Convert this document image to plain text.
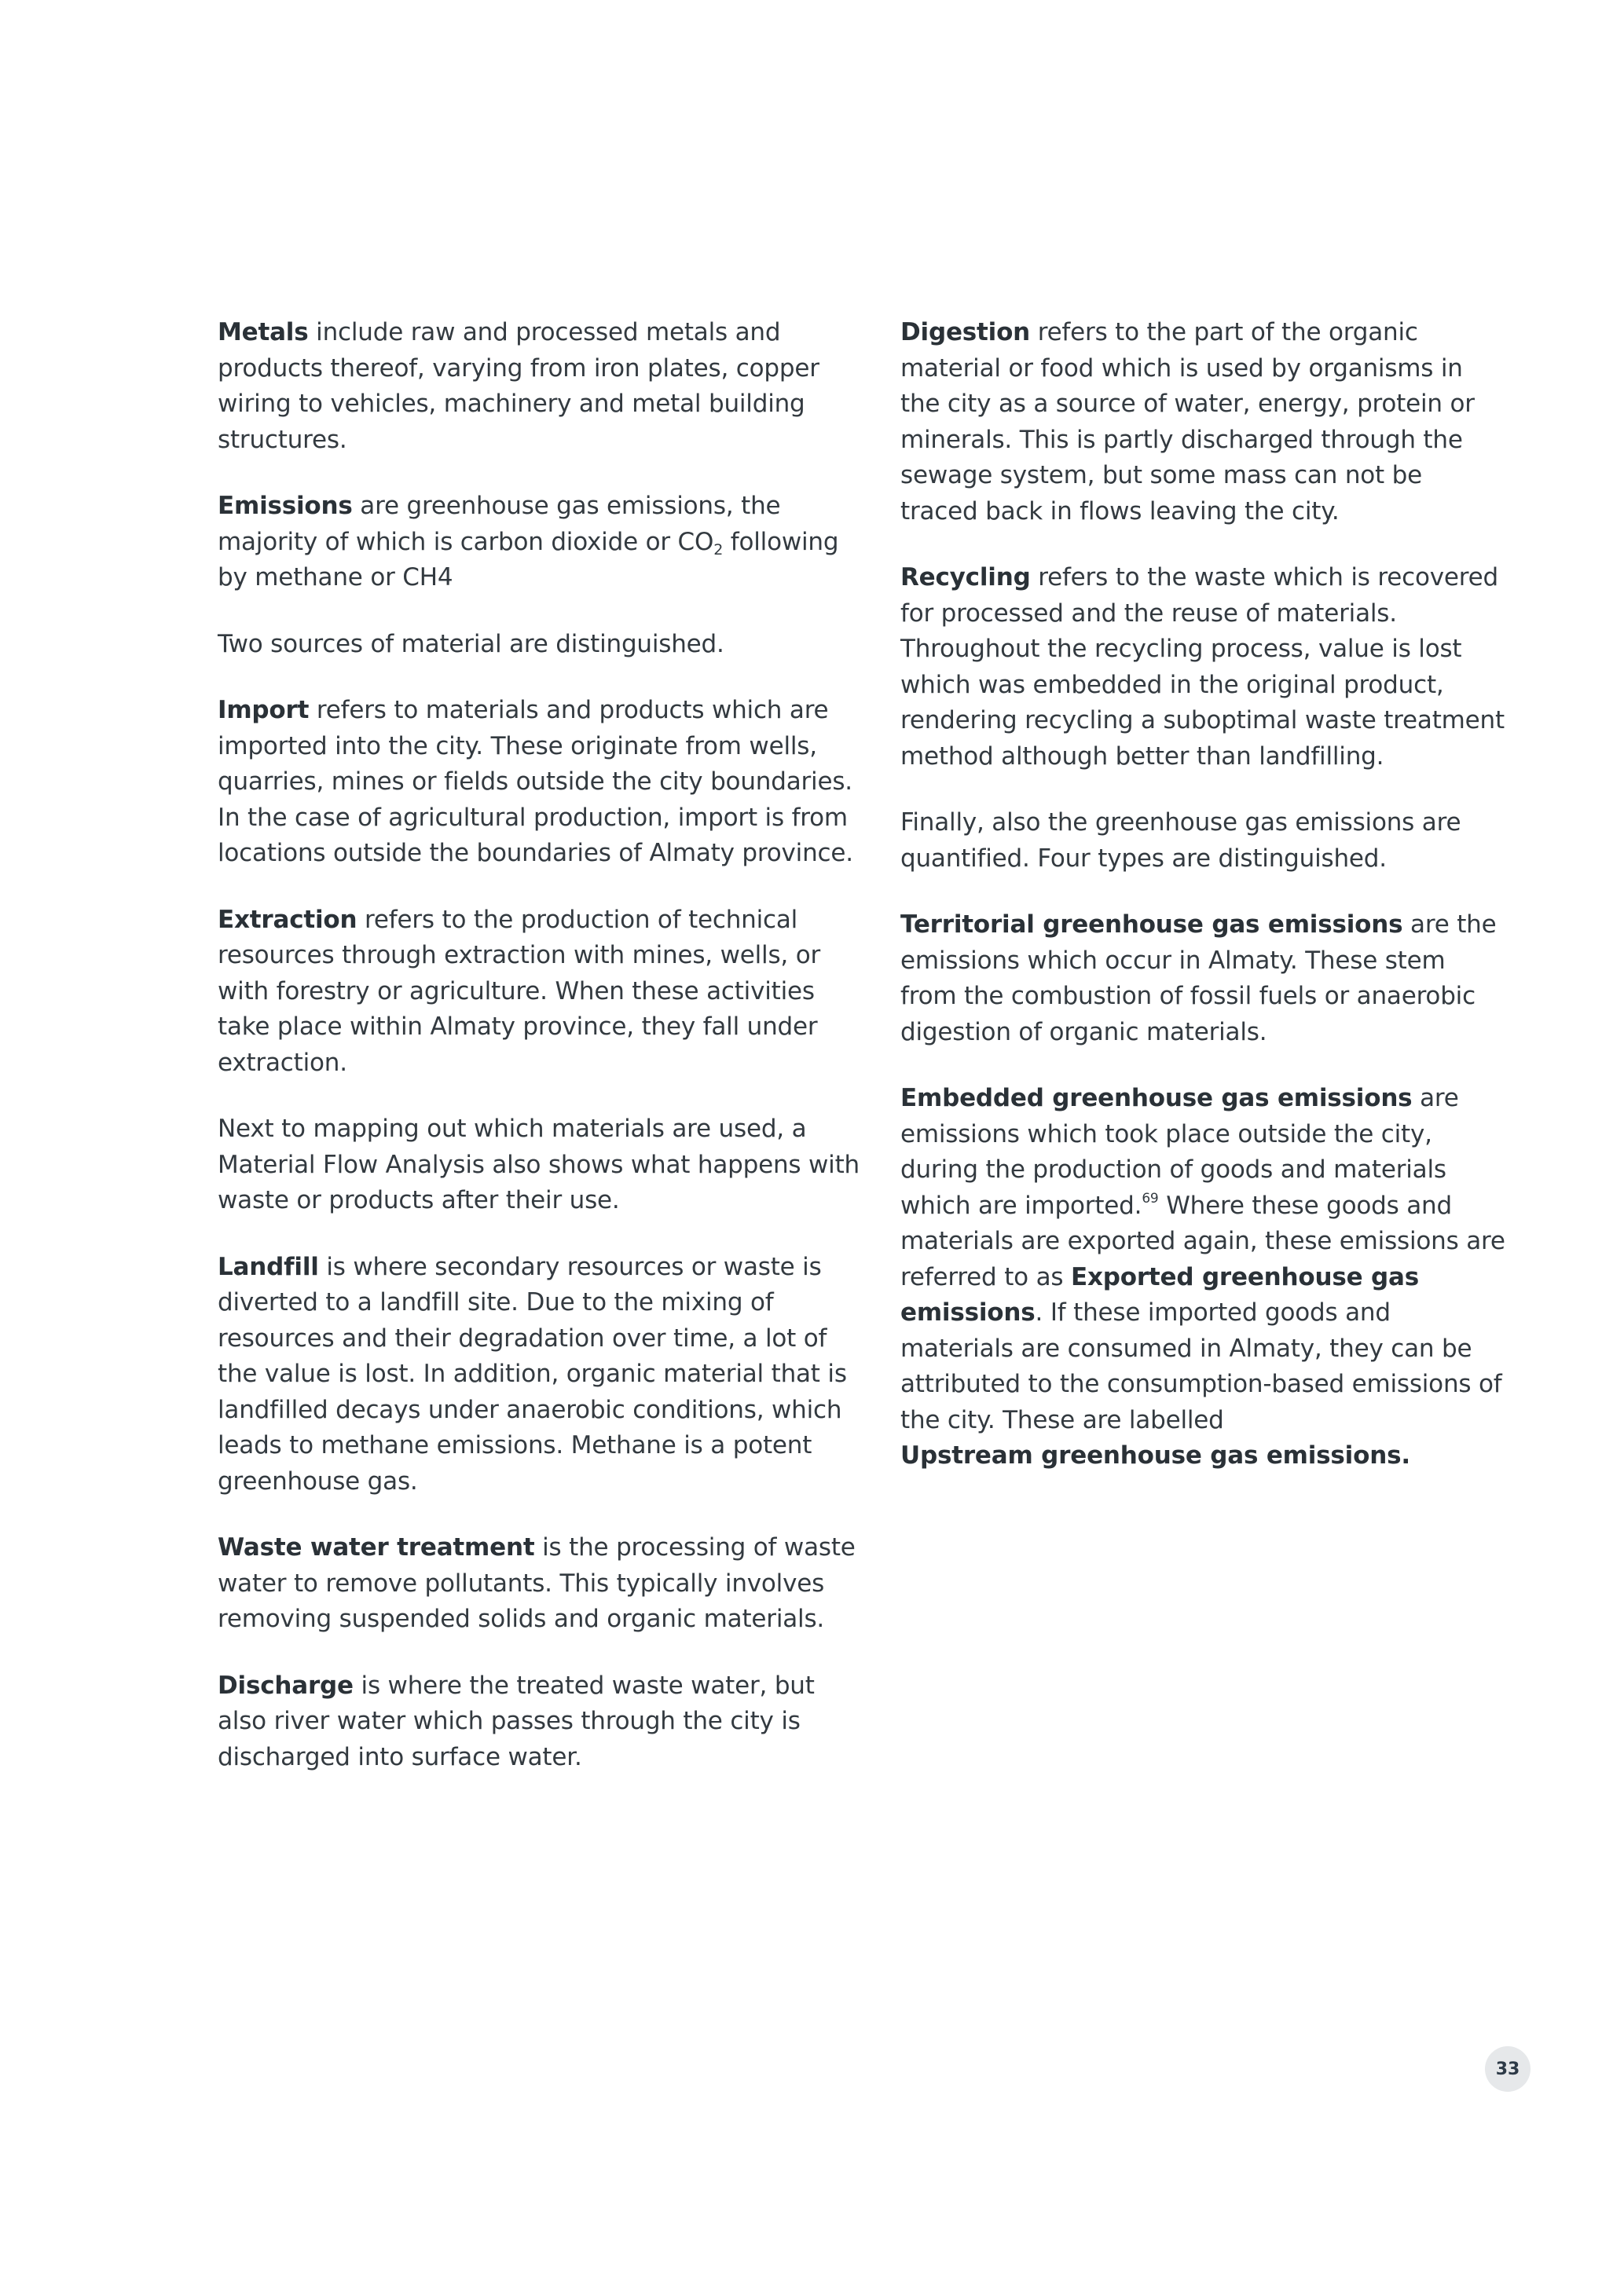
Metals include raw and processed metals and products thereof, varying from iron plates, copper wiring to vehicles, machinery and metal building structures.

Emissions are greenhouse gas emissions, the majority of which is carbon dioxide or $CO_2$ following by methane or CH4

Two sources of material are distinguished.

Import refers to materials and products which are imported into the city. These originate from wells, quarries, mines or fields outside the city boundaries. In the case of agricultural production, import is from locations outside the boundaries of Almaty province.

Extraction refers to the production of technical resources through extraction with mines, wells, or with forestry or agriculture. When these activities take place within Almaty province, they fall under extraction.

Next to mapping out which materials are used, a Material Flow Analysis also shows what happens with waste or products after their use.

Landfill is where secondary resources or waste is diverted to a landfill site. Due to the mixing of resources and their degradation over time, a lot of the value is lost. In addition, organic material that is landfilled decays under anaerobic conditions, which leads to methane emissions. Methane is a potent greenhouse gas.

Waste water treatment is the processing of waste water to remove pollutants. This typically involves removing suspended solids and organic materials.

Discharge is where the treated waste water, but also river water which passes through the city is discharged into surface water.

Digestion refers to the part of the organic material or food which is used by organisms in the city as a source of water, energy, protein or minerals. This is partly discharged through the sewage system, but some mass can not be traced back in flows leaving the city.

Recycling refers to the waste which is recovered for processed and the reuse of materials. Throughout the recycling process, value is lost which was embedded in the original product, rendering recycling a suboptimal waste treatment method although better than landfilling.

Finally, also the greenhouse gas emissions are quantified. Four types are distinguished.

Territorial greenhouse gas emissions are the emissions which occur in Almaty. These stem from the combustion of fossil fuels or anaerobic digestion of organic materials.

Embedded greenhouse gas emissions are emissions which took place outside the city, during the production of goods and materials which are imported.$^{69}$ Where these goods and materials are exported again, these emissions are referred to as Exported greenhouse gas emissions. If these imported goods and materials are consumed in Almaty, they can be attributed to the consumption-based emissions of the city. These are labelled
Upstream greenhouse gas emissions.

33
